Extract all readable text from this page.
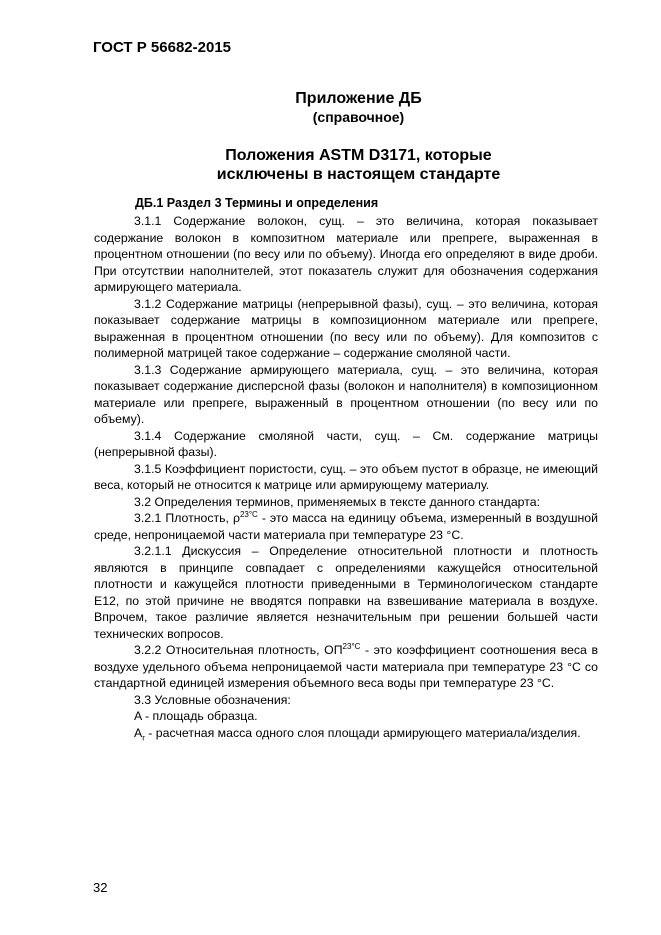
ГОСТ Р 56682-2015
Приложение ДБ
(справочное)
Положения ASTM D3171, которые
исключены в настоящем стандарте
ДБ.1 Раздел 3 Термины и определения

3.1.1 Содержание волокон, сущ. – это величина, которая показывает содержание волокон в композитном материале или препреге, выраженная в процентном отношении (по весу или по объему). Иногда его определяют в виде дроби. При отсутствии наполнителей, этот показатель служит для обозначения содержания армирующего материала.

3.1.2 Содержание матрицы (непрерывной фазы), сущ. – это величина, которая показывает содержание матрицы в композиционном материале или препреге, выраженная в процентном отношении (по весу или по объему). Для композитов с полимерной матрицей такое содержание – содержание смоляной части.

3.1.3 Содержание армирующего материала, сущ. – это величина, которая показывает содержание дисперсной фазы (волокон и наполнителя) в композиционном материале или препреге, выраженный в процентном отношении (по весу или по объему).

3.1.4 Содержание смоляной части, сущ. – См. содержание матрицы (непрерывной фазы).

3.1.5 Коэффициент пористости, сущ. – это объем пустот в образце, не имеющий веса, который не относится к матрице или армирующему материалу.

3.2 Определения терминов, применяемых в тексте данного стандарта:

3.2.1 Плотность, $\rho^{23^\circ С}$ - это масса на единицу объема, измеренный в воздушной среде, непроницаемой части материала при температуре 23 °С.

3.2.1.1 Дискуссия – Определение относительной плотности и плотность являются в принципе совпадает с определениями кажущейся относительной плотности и кажущейся плотности приведенными в Терминологическом стандарте E12, по этой причине не вводятся поправки на взвешивание материала в воздухе. Впрочем, такое различие является незначительным при решении большей части технических вопросов.

3.2.2 Относительная плотность, $ОП^{23^\circ С}$ - это коэффициент соотношения веса в воздухе удельного объема непроницаемой части материала при температуре 23 °С со стандартной единицей измерения объемного веса воды при температуре 23 °С.

3.3 Условные обозначения:

A - площадь образца.

$A_r$ - расчетная масса одного слоя площади армирующего материала/изделия.

32
